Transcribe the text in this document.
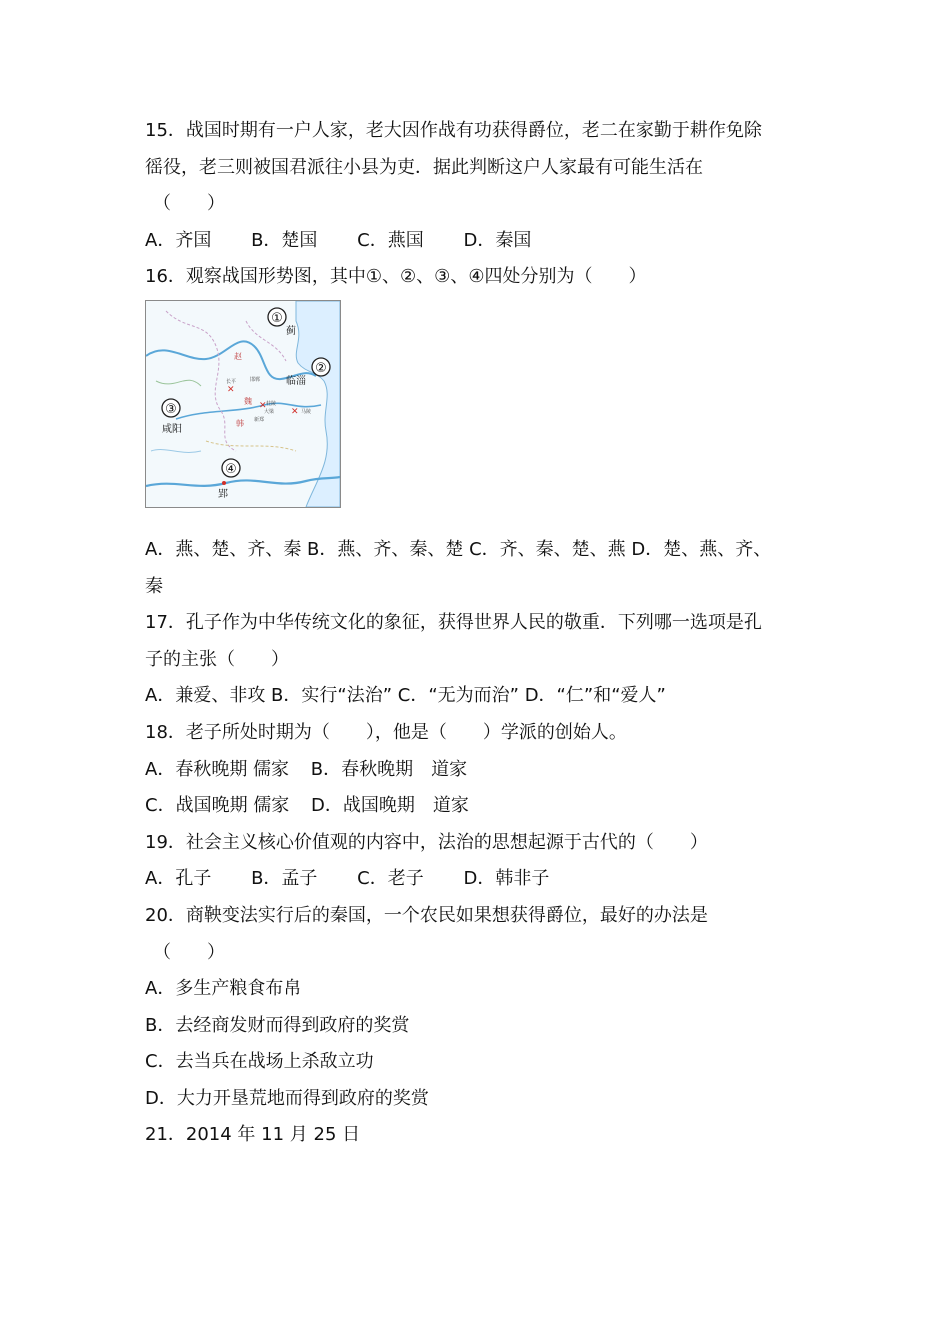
15．战国时期有一户人家，老大因作战有功获得爵位，老二在家勤于耕作免除
徭役，老三则被国君派往小县为吏．据此判断这户人家最有可能生活在
（　　）
A．齐国 B．楚国 C．燕国 D．秦国
16．观察战国形势图，其中①、②、③、④四处分别为（　　）
①
蓟
②
临淄
③
咸阳
④
郢
赵
魏
韩
长平	邯郸
大梁
桂陵
马陵
新郑
✕
✕
✕
A．燕、楚、齐、秦 B．燕、齐、秦、楚 C．齐、秦、楚、燕 D．楚、燕、齐、
秦
17．孔子作为中华传统文化的象征，获得世界人民的敬重．下列哪一选项是孔
子的主张（　　）
A．兼爱、非攻 B．实行“法治” C．“无为而治” D．“仁”和“爱人”
18．老子所处时期为（　　），他是（　　）学派的创始人。
A．春秋晚期 儒家 B．春秋晚期　道家
C．战国晚期 儒家 D．战国晚期　道家
19．社会主义核心价值观的内容中，法治的思想起源于古代的（　　）
A．孔子 B．孟子 C．老子 D．韩非子
20．商鞅变法实行后的秦国，一个农民如果想获得爵位，最好的办法是
（　　）
A．多生产粮食布帛
B．去经商发财而得到政府的奖赏
C．去当兵在战场上杀敌立功
D．大力开垦荒地而得到政府的奖赏
21．2014 年 11 月 25 日
